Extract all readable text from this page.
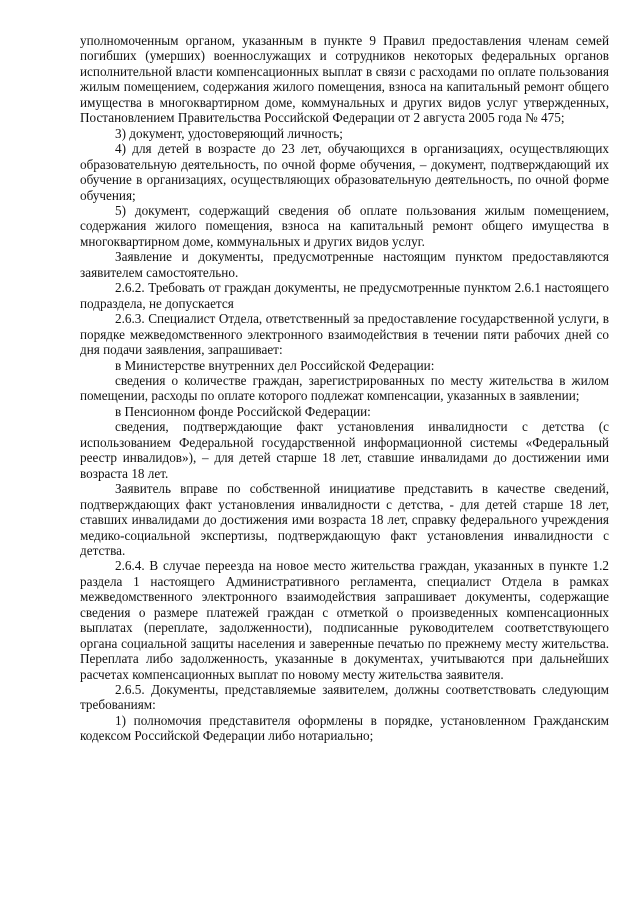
уполномоченным органом, указанным в пункте 9 Правил предоставления членам семей погибших (умерших) военнослужащих и сотрудников некоторых федеральных органов исполнительной власти компенсационных выплат в связи с расходами по оплате пользования жилым помещением, содержания жилого помещения, взноса на капитальный ремонт общего имущества в многоквартирном доме, коммунальных и других видов услуг утвержденных, Постановлением Правительства Российской Федерации от 2 августа 2005 года № 475;

3) документ, удостоверяющий личность;

4) для детей в возрасте до 23 лет, обучающихся в организациях, осуществляющих образовательную деятельность, по очной форме обучения, – документ, подтверждающий их обучение в организациях, осуществляющих образовательную деятельность, по очной форме обучения;

5) документ, содержащий сведения об оплате пользования жилым помещением, содержания жилого помещения, взноса на капитальный ремонт общего имущества в многоквартирном доме, коммунальных и других видов услуг.

Заявление и документы, предусмотренные настоящим пунктом предоставляются заявителем самостоятельно.

2.6.2. Требовать от граждан документы, не предусмотренные пунктом 2.6.1 настоящего подраздела, не допускается

2.6.3. Специалист Отдела, ответственный за предоставление государственной услуги, в порядке межведомственного электронного взаимодействия в течении пяти рабочих дней со дня подачи заявления, запрашивает:

в Министерстве внутренних дел Российской Федерации:

сведения о количестве граждан, зарегистрированных по месту жительства в жилом помещении, расходы по оплате которого подлежат компенсации, указанных в заявлении;

в Пенсионном фонде Российской Федерации:

сведения, подтверждающие факт установления инвалидности с детства (с использованием Федеральной государственной информационной системы «Федеральный реестр инвалидов»), – для детей старше 18 лет, ставшие инвалидами до достижении ими возраста 18 лет.

Заявитель вправе по собственной инициативе представить в качестве сведений, подтверждающих факт установления инвалидности с детства, - для детей старше 18 лет, ставших инвалидами до достижения ими возраста 18 лет, справку федерального учреждения медико-социальной экспертизы, подтверждающую факт установления инвалидности с детства.

2.6.4. В случае переезда на новое место жительства граждан, указанных в пункте 1.2 раздела 1 настоящего Административного регламента, специалист Отдела в рамках межведомственного электронного взаимодействия запрашивает документы, содержащие сведения о размере платежей граждан с отметкой о произведенных компенсационных выплатах (переплате, задолженности), подписанные руководителем соответствующего органа социальной защиты населения и заверенные печатью по прежнему месту жительства. Переплата либо задолженность, указанные в документах, учитываются при дальнейших расчетах компенсационных выплат по новому месту жительства заявителя.

2.6.5. Документы, представляемые заявителем, должны соответствовать следующим требованиям:

1) полномочия представителя оформлены в порядке, установленном Гражданским кодексом Российской Федерации либо нотариально;
